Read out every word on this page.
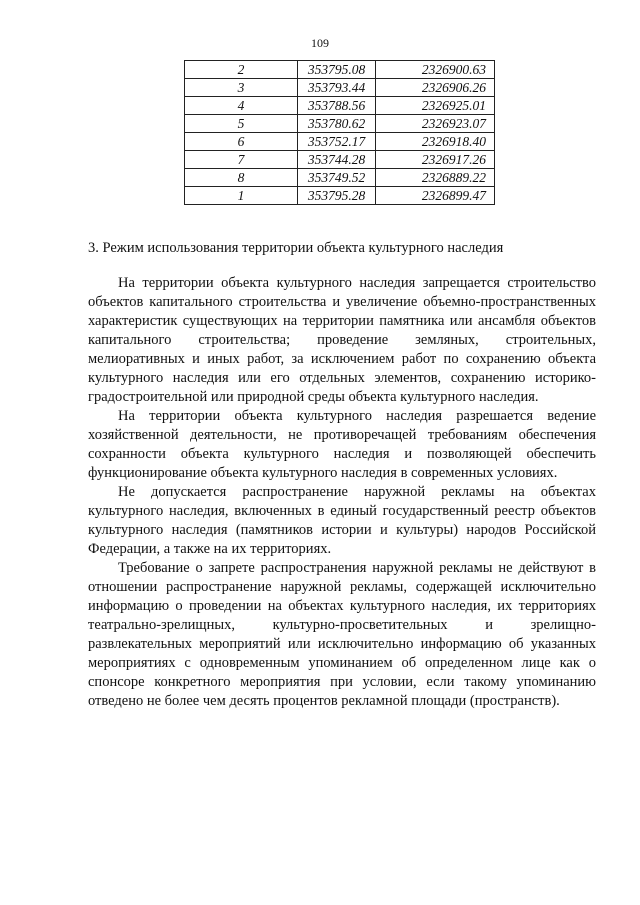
109
2	353795.08	2326900.63
3	353793.44	2326906.26
4	353788.56	2326925.01
5	353780.62	2326923.07
6	353752.17	2326918.40
7	353744.28	2326917.26
8	353749.52	2326889.22
1	353795.28	2326899.47
3. Режим использования территории объекта культурного наследия

На территории объекта культурного наследия запрещается строительство объектов капитального строительства и увеличение объемно-пространственных характеристик существующих на территории памятника или ансамбля объектов капитального строительства; проведение земляных, строительных, мелиоративных и иных работ, за исключением работ по сохранению объекта культурного наследия или его отдельных элементов, сохранению историко-градостроительной или природной среды объекта культурного наследия.

На территории объекта культурного наследия разрешается ведение хозяйственной деятельности, не противоречащей требованиям обеспечения сохранности объекта культурного наследия и позволяющей обеспечить функционирование объекта культурного наследия в современных условиях.

Не допускается распространение наружной рекламы на объектах культурного наследия, включенных в единый государственный реестр объектов культурного наследия (памятников истории и культуры) народов Российской Федерации, а также на их территориях.

Требование о запрете распространения наружной рекламы не действуют в отношении распространение наружной рекламы, содержащей исключительно информацию о проведении на объектах культурного наследия, их территориях театрально-зрелищных, культурно-просветительных и зрелищно-развлекательных мероприятий или исключительно информацию об указанных мероприятиях с одновременным упоминанием об определенном лице как о спонсоре конкретного мероприятия при условии, если такому упоминанию отведено не более чем десять процентов рекламной площади (пространств).
